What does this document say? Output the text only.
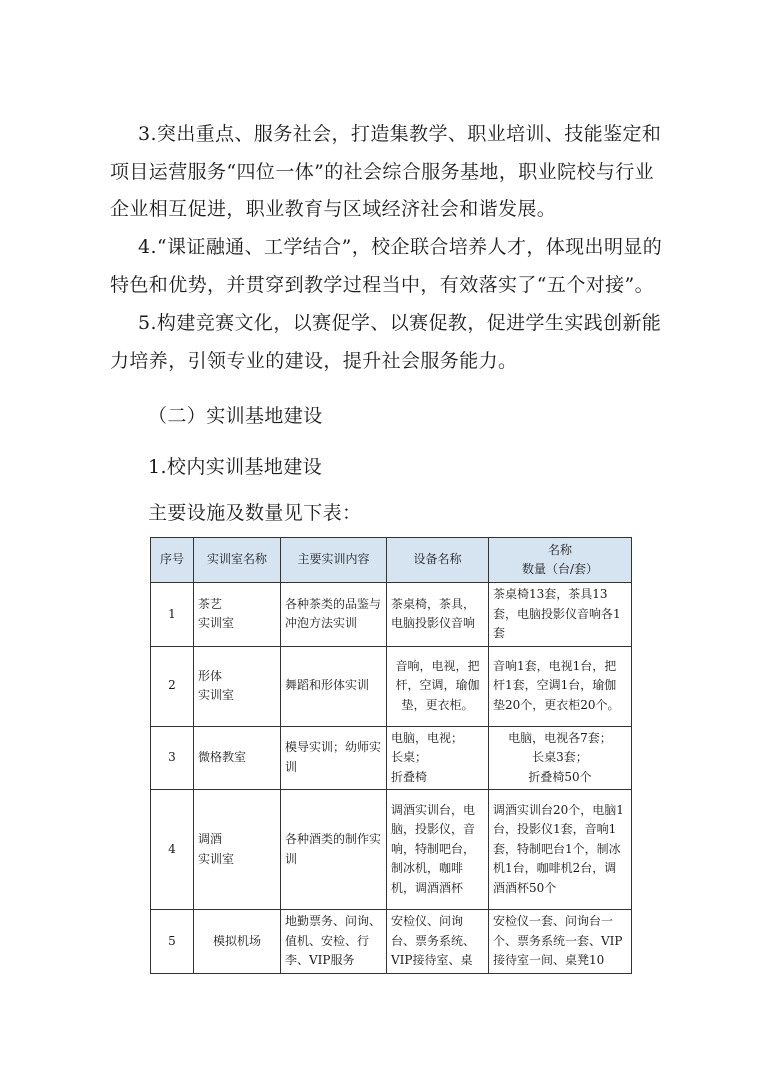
3.突出重点、服务社会，打造集教学、职业培训、技能鉴定和项目运营服务“四位一体”的社会综合服务基地，职业院校与行业企业相互促进，职业教育与区域经济社会和谐发展。

4.“课证融通、工学结合”，校企联合培养人才，体现出明显的特色和优势，并贯穿到教学过程当中，有效落实了“五个对接”。

5.构建竞赛文化，以赛促学、以赛促教，促进学生实践创新能力培养，引领专业的建设，提升社会服务能力。

（二）实训基地建设

1.校内实训基地建设

主要设施及数量见下表：

序号	实训室名称	主要实训内容	设备名称	名称
数量（台/套）
1	茶艺
实训室	各种茶类的品鉴与冲泡方法实训	茶桌椅，茶具，电脑投影仪音响	茶桌椅13套，茶具13套，电脑投影仪音响各1套
2	形体
实训室	舞蹈和形体实训	音响，电视，把杆，空调，瑜伽垫，更衣柜。	音响1套，电视1台，把杆1套，空调1台，瑜伽垫20个，更衣柜20个。
3	微格教室	模导实训；幼师实训	电脑，电视；
长桌；
折叠椅	电脑，电视各7套；
长桌3套；
折叠椅50个
4	调酒
实训室	各种酒类的制作实训	调酒实训台，电脑，投影仪，音响，特制吧台，制冰机，咖啡机，调酒酒杯	调酒实训台20个，电脑1台，投影仪1套，音响1套，特制吧台1个，制冰机1台，咖啡机2台，调酒酒杯50个
5	模拟机场	地勤票务、问询、值机、安检、行李、VIP服务	安检仪、问询台、票务系统、VIP接待室、桌	安检仪一套、问询台一个、票务系统一套、VIP接待室一间、桌凳10
